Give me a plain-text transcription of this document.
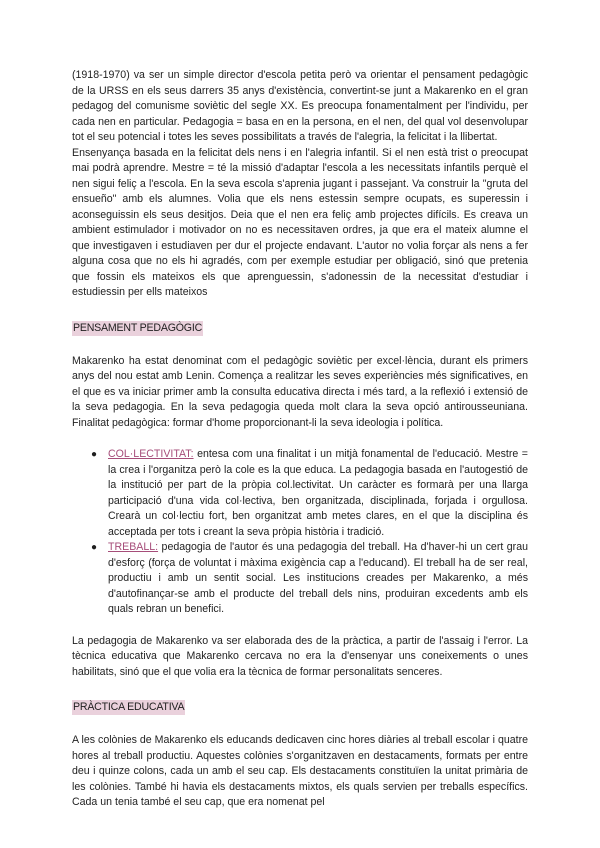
(1918-1970) va ser un simple director d'escola petita però va orientar el pensament pedagògic de la URSS en els seus darrers 35 anys d'existència, convertint-se junt a Makarenko en el gran pedagog del comunisme soviètic del segle XX. Es preocupa fonamentalment per l'individu, per cada nen en particular. Pedagogia = basa en en la persona, en el nen, del qual vol desenvolupar tot el seu potencial i totes les seves possibilitats a través de l'alegria, la felicitat i la llibertat.

Ensenyança basada en la felicitat dels nens i en l'alegria infantil. Si el nen està trist o preocupat mai podrà aprendre. Mestre = té la missió d'adaptar l'escola a les necessitats infantils perquè el nen sigui feliç a l'escola. En la seva escola s'aprenia jugant i passejant. Va construir la "gruta del ensueño" amb els alumnes. Volia que els nens estessin sempre ocupats, es superessin i aconseguissin els seus desitjos. Deia que el nen era feliç amb projectes difícils. Es creava un ambient estimulador i motivador on no es necessitaven ordres, ja que era el mateix alumne el que investigaven i estudiaven per dur el projecte endavant. L'autor no volia forçar als nens a fer alguna cosa que no els hi agradés, com per exemple estudiar per obligació, sinó que pretenia que fossin els mateixos els que aprenguessin, s'adonessin de la necessitat d'estudiar i estudiessin per ells mateixos

PENSAMENT PEDAGÒGIC

Makarenko ha estat denominat com el pedagògic soviètic per excel·lència, durant els primers anys del nou estat amb Lenin. Comença a realitzar les seves experiències més significatives, en el que es va iniciar primer amb la consulta educativa directa i més tard, a la reflexió i extensió de la seva pedagogia. En la seva pedagogia queda molt clara la seva opció antirousseuniana. Finalitat pedagògica: formar d'home proporcionant-li la seva ideologia i política.

● COL·LECTIVITAT: entesa com una finalitat i un mitjà fonamental de l'educació. Mestre = la crea i l'organitza però la cole es la que educa. La pedagogia basada en l'autogestió de la institució per part de la pròpia col.lectivitat. Un caràcter es formarà per una llarga participació d'una vida col·lectiva, ben organitzada, disciplinada, forjada i orgullosa. Crearà un col·lectiu fort, ben organitzat amb metes clares, en el que la disciplina és acceptada per tots i creant la seva pròpia història i tradició.
● TREBALL: pedagogia de l'autor és una pedagogia del treball. Ha d'haver-hi un cert grau d'esforç (força de voluntat i màxima exigència cap a l'educand). El treball ha de ser real, productiu i amb un sentit social. Les institucions creades per Makarenko, a més d'autofinançar-se amb el producte del treball dels nins, produiran excedents amb els quals rebran un benefici.

La pedagogia de Makarenko va ser elaborada des de la pràctica, a partir de l'assaig i l'error. La tècnica educativa que Makarenko cercava no era la d'ensenyar uns coneixements o unes habilitats, sinó que el que volia era la tècnica de formar personalitats senceres.

PRÀCTICA EDUCATIVA

A les colònies de Makarenko els educands dedicaven cinc hores diàries al treball escolar i quatre hores al treball productiu. Aquestes colònies s'organitzaven en destacaments, formats per entre deu i quinze colons, cada un amb el seu cap. Els destacaments constituïen la unitat primària de les colònies. També hi havia els destacaments mixtos, els quals servien per treballs específics. Cada un tenia també el seu cap, que era nomenat pel
